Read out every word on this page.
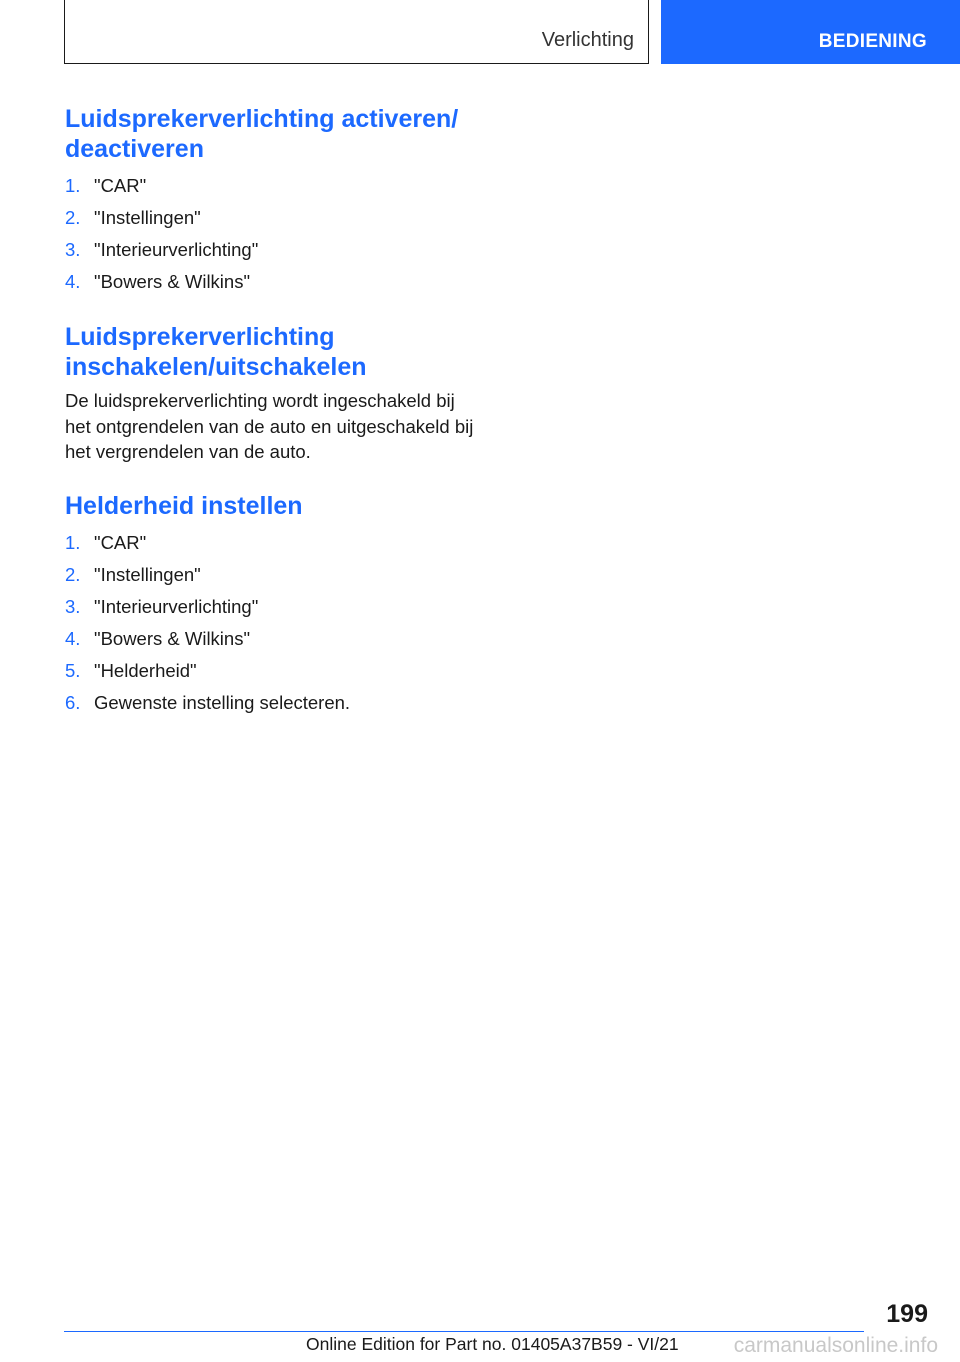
Verlichting	BEDIENING
Luidsprekerverlichting activeren/ deactiveren
1. "CAR"
2. "Instellingen"
3. "Interieurverlichting"
4. "Bowers & Wilkins"
Luidsprekerverlichting inschakelen/uitschakelen

De luidsprekerverlichting wordt ingeschakeld bij het ontgrendelen van de auto en uitgeschakeld bij het vergrendelen van de auto.

Helderheid instellen
1. "CAR"
2. "Instellingen"
3. "Interieurverlichting"
4. "Bowers & Wilkins"
5. "Helderheid"
6. Gewenste instelling selecteren.
199
Online Edition for Part no. 01405A37B59 - VI/21	carmanualsonline.info
